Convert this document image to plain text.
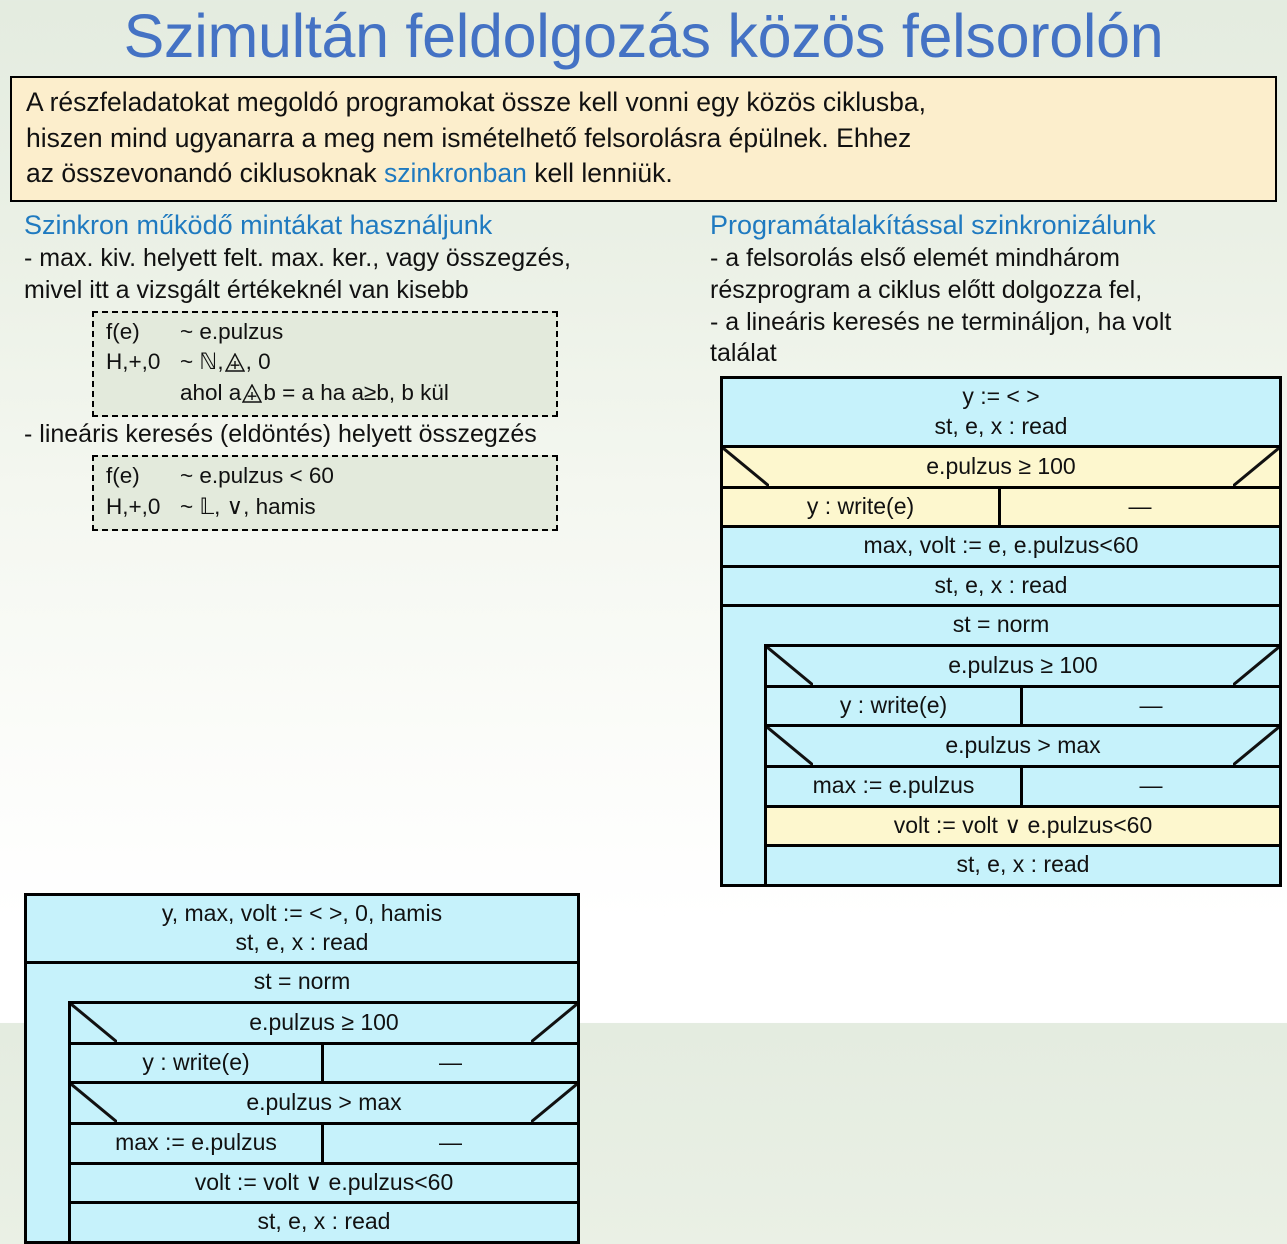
Szimultán feldolgozás közös felsorolón
A részfeladatokat megoldó programokat össze kell vonni egy közös ciklusba,
hiszen mind ugyanarra a meg nem ismételhető felsorolásra épülnek. Ehhez
az összevonandó ciklusoknak szinkronban kell lenniük.
Szinkron működő mintákat használjunk
- max. kiv. helyett felt. max. ker., vagy összegzés,
mivel itt a vizsgált értékeknél van kisebb
f(e)	~ e.pulzus
H,+,0 ~ ℕ, , 0
ahol a b = a ha a≥b, b kül
- lineáris keresés (eldöntés) helyett összegzés
f(e)	~ e.pulzus < 60
H,+,0 ~ 𝕃, ∨, hamis
Programátalakítással szinkronizálunk
- a felsorolás első elemét mindhárom
részprogram a ciklus előtt dolgozza fel,
- a lineáris keresés ne termináljon, ha volt
találat
y := < >
st, e, x : read
e.pulzus ≥ 100
y : write(e)	—
max, volt := e, e.pulzus<60
st, e, x : read
st = norm
e.pulzus ≥ 100
y : write(e)	—
e.pulzus > max
max := e.pulzus	—
volt := volt ∨ e.pulzus<60
st, e, x : read
y, max, volt := < >, 0, hamis
st, e, x : read
st = norm
e.pulzus ≥ 100
y : write(e)	—
e.pulzus > max
max := e.pulzus	—
volt := volt ∨ e.pulzus<60
st, e, x : read
